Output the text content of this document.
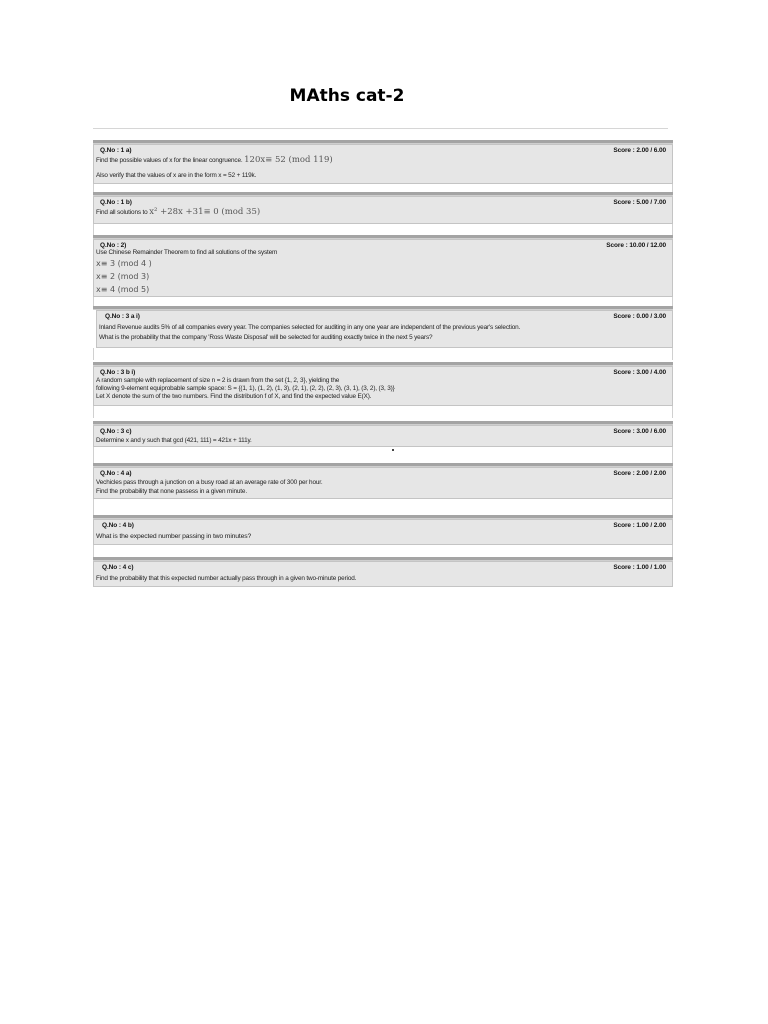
MAths cat-2
Q.No : 1 a)	Score : 2.00 / 6.00
Find the possible values of x for the linear congruence. 120x≡ 52 (mod 119)
Also verify that the values of x are in the form x = 52 + 119k.
Q.No : 1 b)	Score : 5.00 / 7.00
Find all solutions to x² +28x +31≡ 0 (mod 35)
Q.No : 2)	Score : 10.00 / 12.00
Use Chinese Remainder Theorem to find all solutions of the system
x≡ 3 (mod 4 )
x≡ 2 (mod 3)
x≡ 4 (mod 5)
Q.No : 3 a i)	Score : 0.00 / 3.00
Inland Revenue audits 5% of all companies every year. The companies selected for auditing in any one year are independent of the previous year's selection.
What is the probability that the company 'Ross Waste Disposal' will be selected for auditing exactly twice in the next 5 years?
Q.No : 3 b i)	Score : 3.00 / 4.00
A random sample with replacement of size n = 2 is drawn from the set {1, 2, 3}, yielding the
following 9-element equiprobable sample space: S = {(1, 1), (1, 2), (1, 3), (2, 1), (2, 2), (2, 3), (3, 1), (3, 2), (3, 3)}
Let X denote the sum of the two numbers. Find the distribution f of X, and find the expected value E(X).
Q.No : 3 c)	Score : 3.00 / 6.00
Determine x and y such that gcd (421, 111) = 421x + 111y.
Q.No : 4 a)	Score : 2.00 / 2.00
Vechicles pass through a junction on a busy road at an average rate of 300 per hour.
Find the probability that none passess in a given minute.
Q.No : 4 b)	Score : 1.00 / 2.00
What is the expected number passing in two minutes?
Q.No : 4 c)	Score : 1.00 / 1.00
Find the probability that this expected number actually pass through in a given two-minute period.
